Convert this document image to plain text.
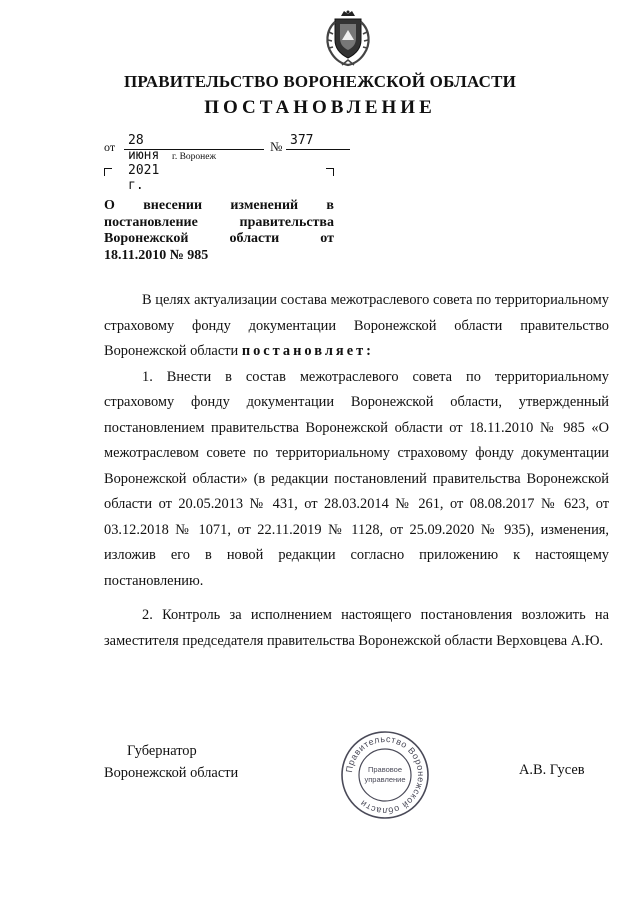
ПРАВИТЕЛЬСТВО ВОРОНЕЖСКОЙ ОБЛАСТИ
ПОСТАНОВЛЕНИЕ
от 28 июня 2021 г.
№ 377
г. Воронеж
О внесении изменений в
постановление	правительства
Воронежской	области	от
18.11.2010 № 985

В целях актуализации состава межотраслевого совета по территориальному страховому фонду документации Воронежской области правительство Воронежской области постановляет:

1. Внести в состав межотраслевого совета по территориальному страховому фонду документации Воронежской области, утвержденный постановлением правительства Воронежской области от 18.11.2010 № 985 «О межотраслевом совете по территориальному страховому фонду документации Воронежской области» (в редакции постановлений правительства Воронежской области от 20.05.2013 № 431, от 28.03.2014 № 261, от 08.08.2017 № 623, от 03.12.2018 № 1071, от 22.11.2019 № 1128, от 25.09.2020 № 935), изменения, изложив его в новой редакции согласно приложению к настоящему постановлению.

2. Контроль за исполнением настоящего постановления возложить на заместителя председателя правительства Воронежской области Верховцева А.Ю.

Губернатор
Воронежской области	А.В. Гусев
Правительство Воронежской области
Правовое
управление
